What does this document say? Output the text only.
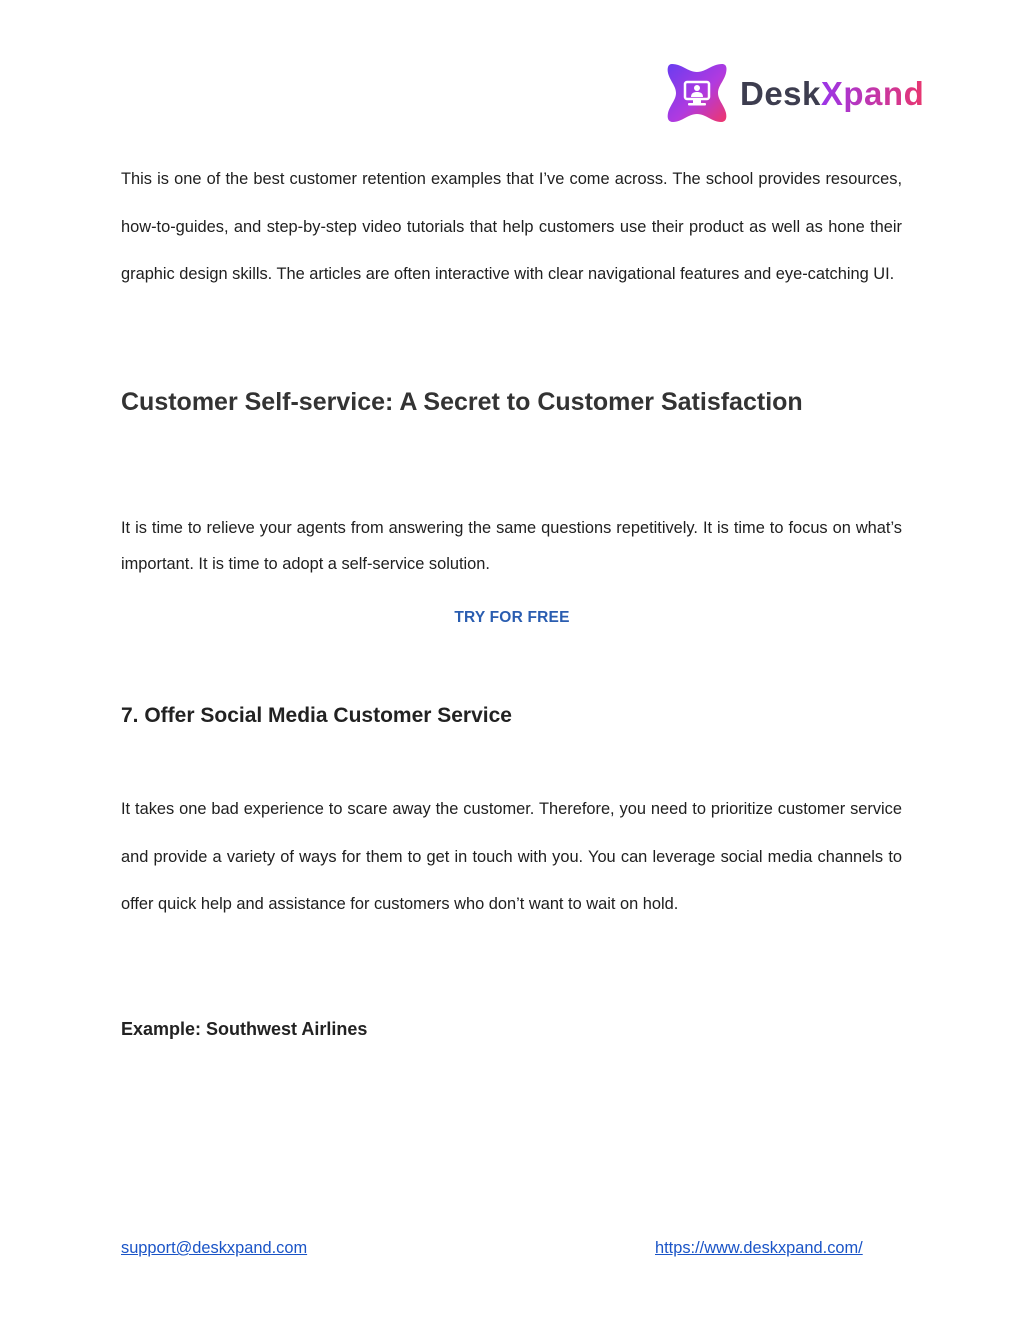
DeskXpand

This is one of the best customer retention examples that I’ve come across. The school provides resources, how-to-guides, and step-by-step video tutorials that help customers use their product as well as hone their graphic design skills. The articles are often interactive with clear navigational features and eye-catching UI.

Customer Self-service: A Secret to Customer Satisfaction

It is time to relieve your agents from answering the same questions repetitively. It is time to focus on what’s important. It is time to adopt a self-service solution.

TRY FOR FREE
7. Offer Social Media Customer Service

It takes one bad experience to scare away the customer. Therefore, you need to prioritize customer service and provide a variety of ways for them to get in touch with you. You can leverage social media channels to offer quick help and assistance for customers who don’t want to wait on hold.

Example: Southwest Airlines
support@deskxpand.com	https://www.deskxpand.com/
